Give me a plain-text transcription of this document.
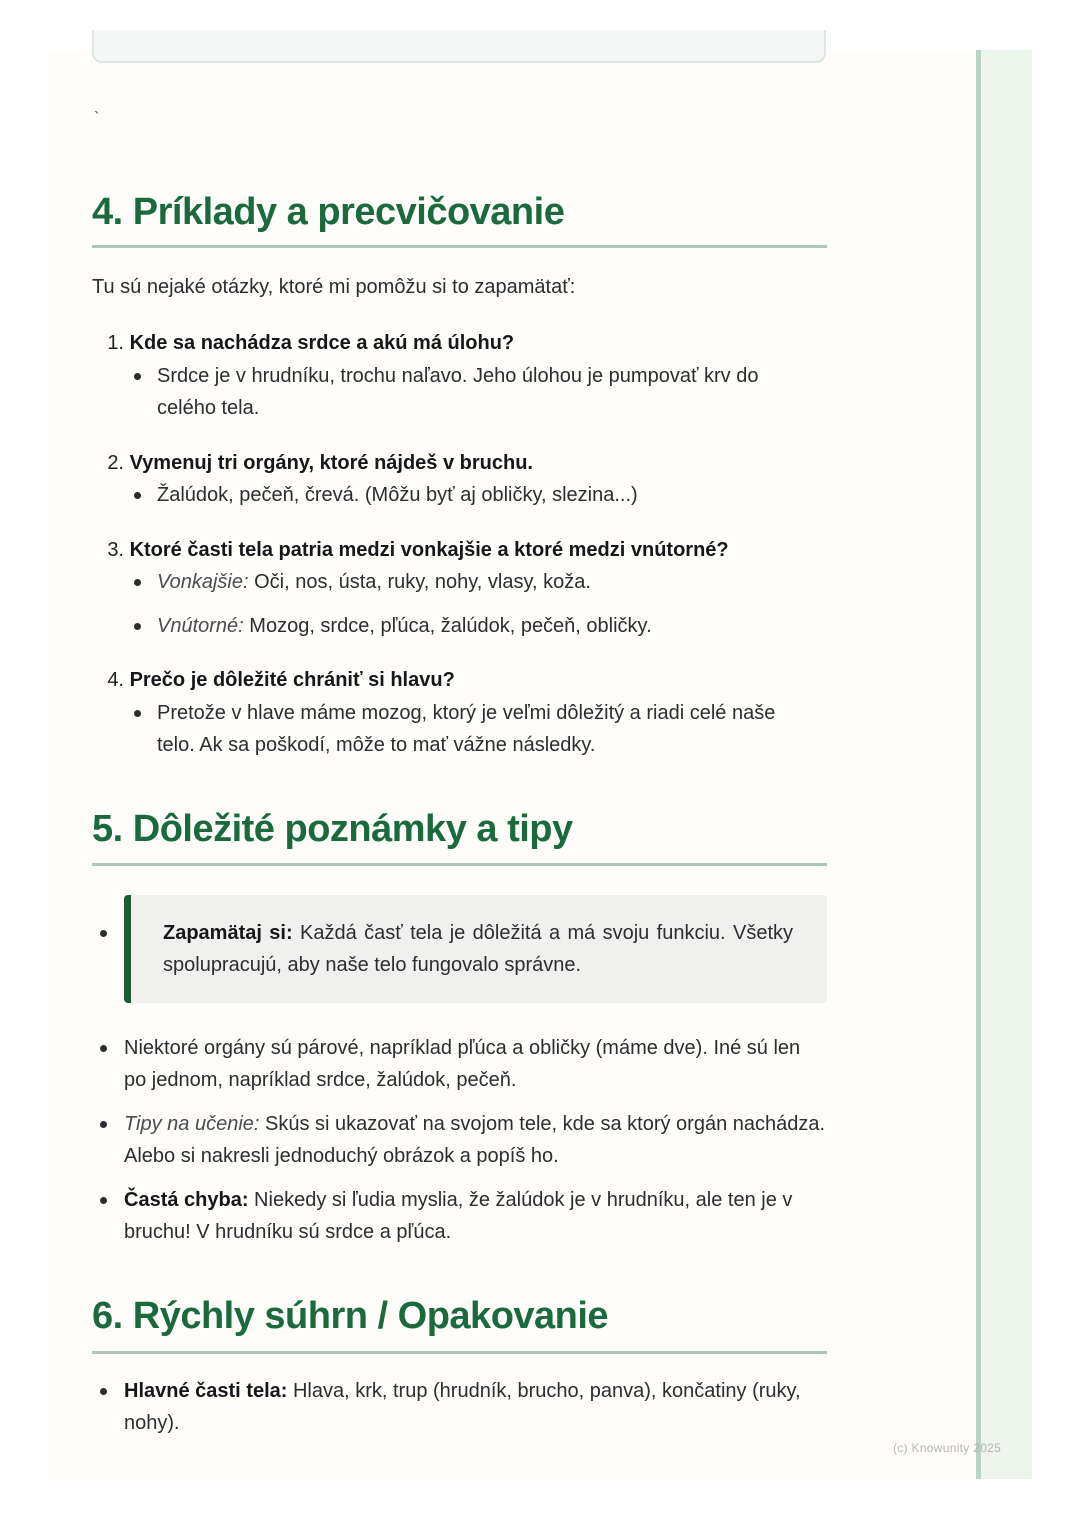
`
4. Príklady a precvičovanie
Tu sú nejaké otázky, ktoré mi pomôžu si to zapamätať:
1. Kde sa nachádza srdce a akú má úlohu?
Srdce je v hrudníku, trochu naľavo. Jeho úlohou je pumpovať krv do celého tela.
2. Vymenuj tri orgány, ktoré nájdeš v bruchu.
Žalúdok, pečeň, črevá. (Môžu byť aj obličky, slezina...)
3. Ktoré časti tela patria medzi vonkajšie a ktoré medzi vnútorné?
Vonkajšie: Oči, nos, ústa, ruky, nohy, vlasy, koža.
Vnútorné: Mozog, srdce, pľúca, žalúdok, pečeň, obličky.
4. Prečo je dôležité chrániť si hlavu?
Pretože v hlave máme mozog, ktorý je veľmi dôležitý a riadi celé naše telo. Ak sa poškodí, môže to mať vážne následky.
5. Dôležité poznámky a tipy
Zapamätaj si: Každá časť tela je dôležitá a má svoju funkciu. Všetky spolupracujú, aby naše telo fungovalo správne.
Niektoré orgány sú párové, napríklad pľúca a obličky (máme dve). Iné sú len po jednom, napríklad srdce, žalúdok, pečeň.
Tipy na učenie: Skús si ukazovať na svojom tele, kde sa ktorý orgán nachádza. Alebo si nakresli jednoduchý obrázok a popíš ho.
Častá chyba: Niekedy si ľudia myslia, že žalúdok je v hrudníku, ale ten je v bruchu! V hrudníku sú srdce a pľúca.
6. Rýchly súhrn / Opakovanie
Hlavné časti tela: Hlava, krk, trup (hrudník, brucho, panva), končatiny (ruky, nohy).
(c) Knowunity 2025
